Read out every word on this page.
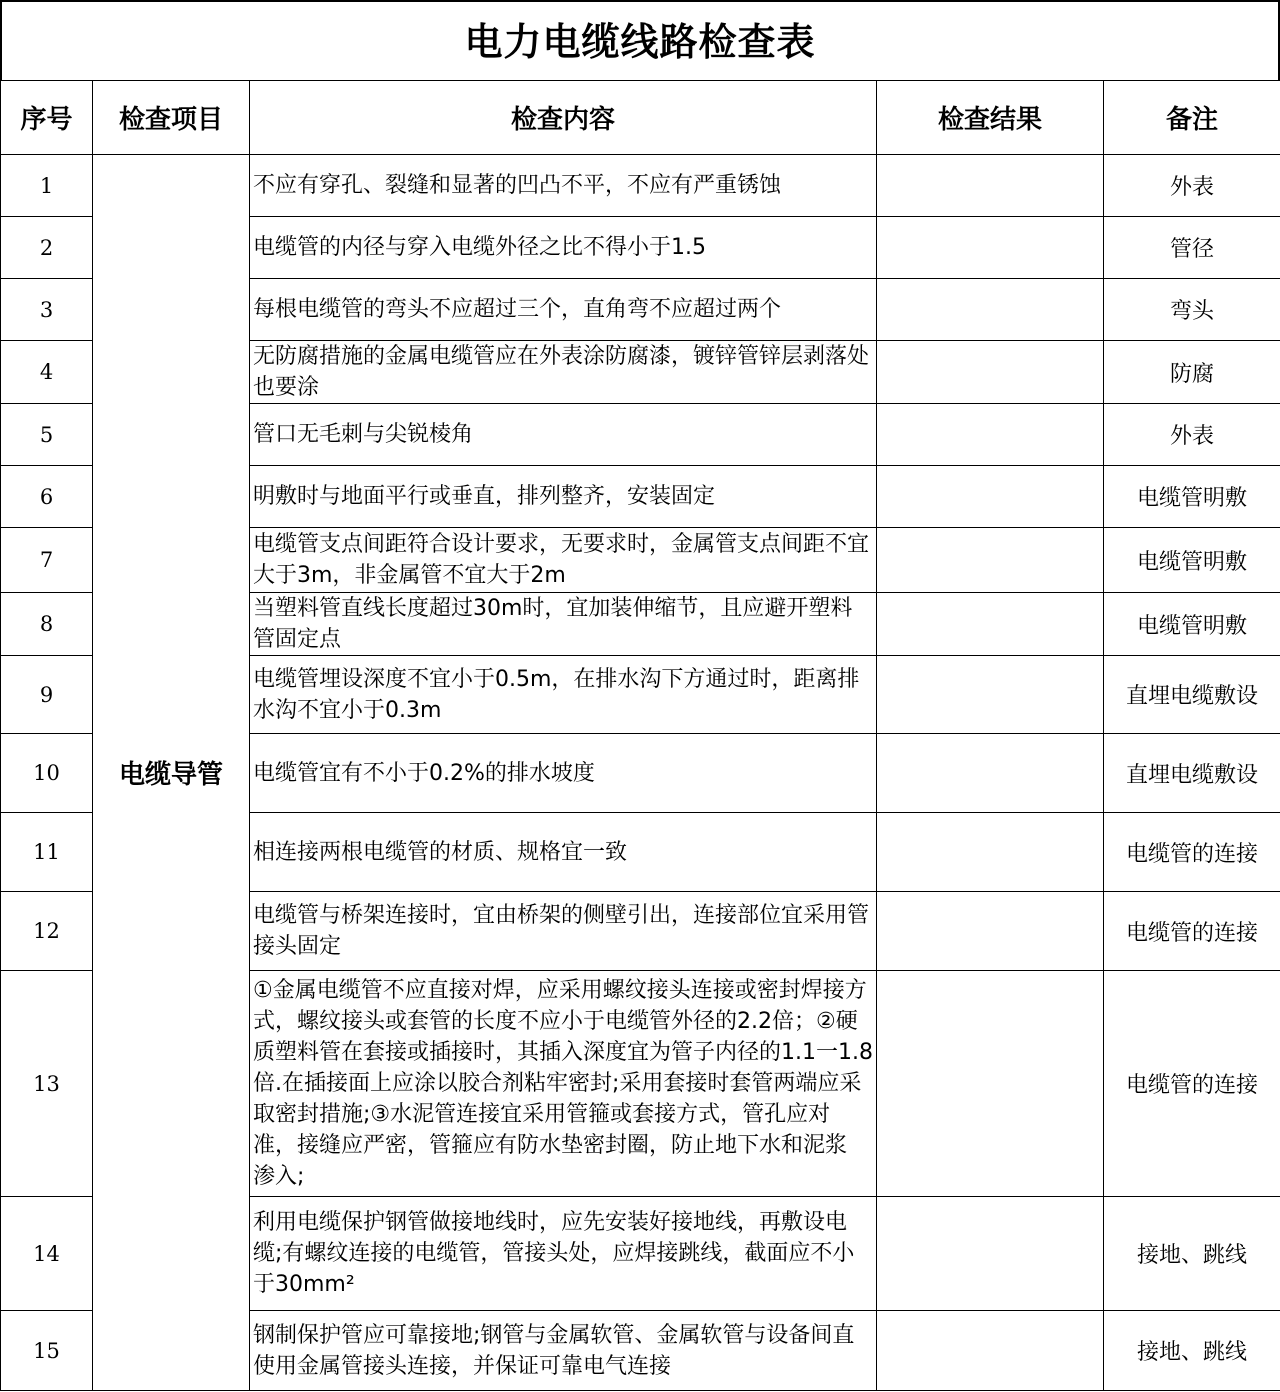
电力电缆线路检查表
序号	检查项目	检查内容	检查结果	备注
1	电缆导管	不应有穿孔、裂缝和显著的凹凸不平，不应有严重锈蚀		外表
2		电缆管的内径与穿入电缆外径之比不得小于1.5		管径
3		每根电缆管的弯头不应超过三个，直角弯不应超过两个		弯头
4		无防腐措施的金属电缆管应在外表涂防腐漆，镀锌管锌层剥落处也要涂		防腐
5		管口无毛刺与尖锐棱角		外表
6		明敷时与地面平行或垂直，排列整齐，安装固定		电缆管明敷
7		电缆管支点间距符合设计要求，无要求时，金属管支点间距不宜大于3m，非金属管不宜大于2m		电缆管明敷
8		当塑料管直线长度超过30m时，宜加装伸缩节，且应避开塑料管固定点		电缆管明敷
9		电缆管埋设深度不宜小于0.5m，在排水沟下方通过时，距离排水沟不宜小于0.3m		直埋电缆敷设
10		电缆管宜有不小于0.2%的排水坡度		直埋电缆敷设
11		相连接两根电缆管的材质、规格宜一致		电缆管的连接
12		电缆管与桥架连接时，宜由桥架的侧壁引出，连接部位宜采用管接头固定		电缆管的连接
13		①金属电缆管不应直接对焊，应采用螺纹接头连接或密封焊接方式，螺纹接头或套管的长度不应小于电缆管外径的2.2倍；②硬质塑料管在套接或插接时，其插入深度宜为管子内径的1.1一1.8倍.在插接面上应涂以胶合剂粘牢密封;采用套接时套管两端应采取密封措施;③水泥管连接宜采用管箍或套接方式，管孔应对准，接缝应严密，管箍应有防水垫密封圈，防止地下水和泥浆 渗入;		电缆管的连接
14		利用电缆保护钢管做接地线时，应先安装好接地线，再敷设电缆;有螺纹连接的电缆管，管接头处，应焊接跳线，截面应不小于30mm²		接地、跳线
15		钢制保护管应可靠接地;钢管与金属软管、金属软管与设备间直使用金属管接头连接，并保证可靠电气连接		接地、跳线
